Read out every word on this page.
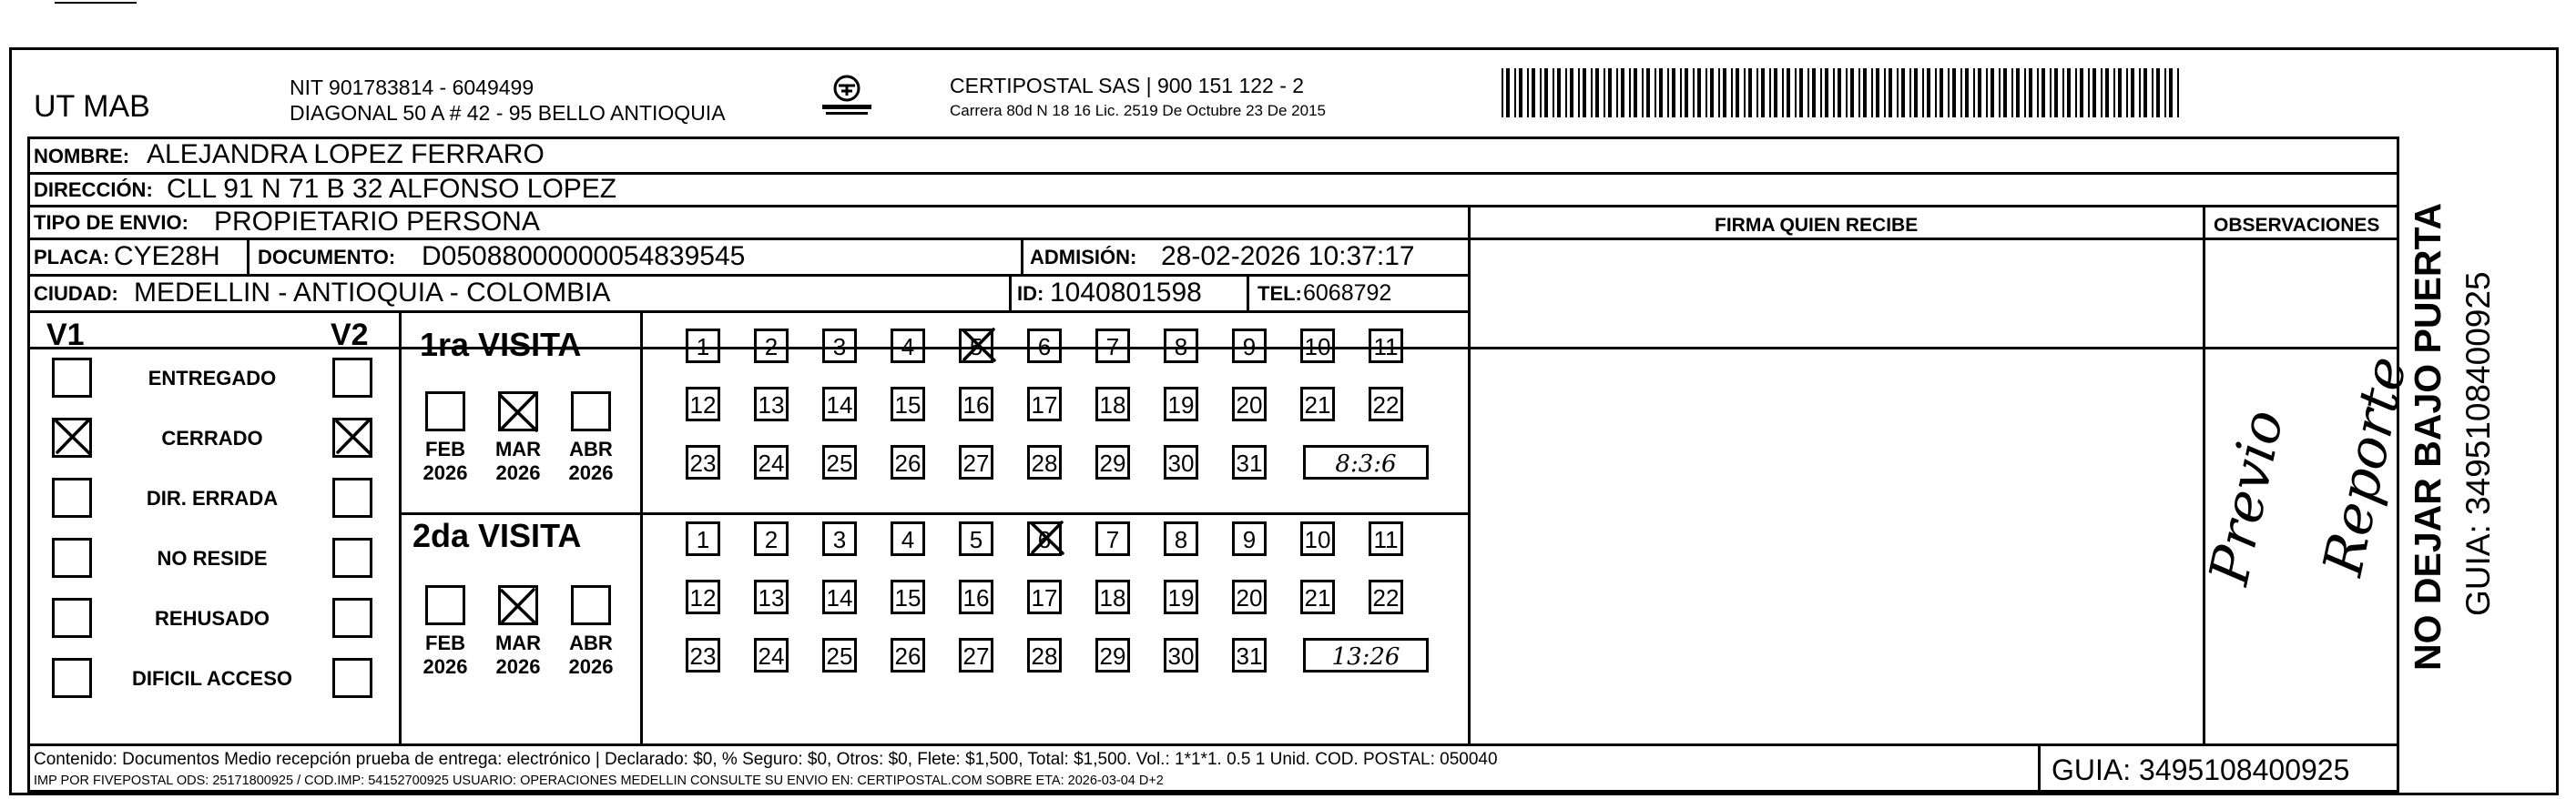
UT MAB
NIT 901783814 - 6049499
DIAGONAL 50 A # 42 - 95 BELLO ANTIOQUIA
CERTIPOSTAL SAS | 900 151 122 - 2
Carrera 80d N 18 16 Lic. 2519 De Octubre 23 De 2015
NOMBRE: ALEJANDRA LOPEZ FERRARO
DIRECCIÓN: CLL 91 N 71 B 32 ALFONSO LOPEZ
TIPO DE ENVIO: PROPIETARIO PERSONA
PLACA: CYE28H DOCUMENTO: D05088000000054839545	ADMISIÓN: 28-02-2026 10:37:17
CIUDAD: MEDELLIN - ANTIOQUIA - COLOMBIA	ID: 1040801598	TEL: 6068792
FIRMA QUIEN RECIBE	OBSERVACIONES
V1	V2 1ra VISITA
2da VISITA	Previo Reporte
Contenido: Documentos Medio recepción prueba de entrega: electrónico | Declarado: $0, % Seguro: $0, Otros: $0, Flete: $1,500, Total: $1,500. Vol.: 1*1*1. 0.5 1 Unid. COD. POSTAL: 050040
IMP POR FIVEPOSTAL ODS: 25171800925 / COD.IMP: 54152700925 USUARIO: OPERACIONES MEDELLIN CONSULTE SU ENVIO EN: CERTIPOSTAL.COM SOBRE ETA: 2026-03-04 D+2	GUIA: 3495108400925
NO DEJAR BAJO PUERTA GUIA: 3495108400925
ENTREGADO
CERRADO
DIR. ERRADA
NO RESIDE
REHUSADO
DIFICIL ACCESO
FEB
2026
MAR
2026
ABR
2026
FEB
2026
MAR
2026
ABR
2026
1	2	3	4	5	6	7	8	9	10 11
12 13 14 15 16 17 18 19 20 21 22
23 24 25 26 27 28 29 30 31	8:3:6
1	2	3	4	5	6	7	8	9	10 11
12 13 14 15 16 17 18 19 20 21 22
23 24 25 26 27 28 29 30 31	13:26
